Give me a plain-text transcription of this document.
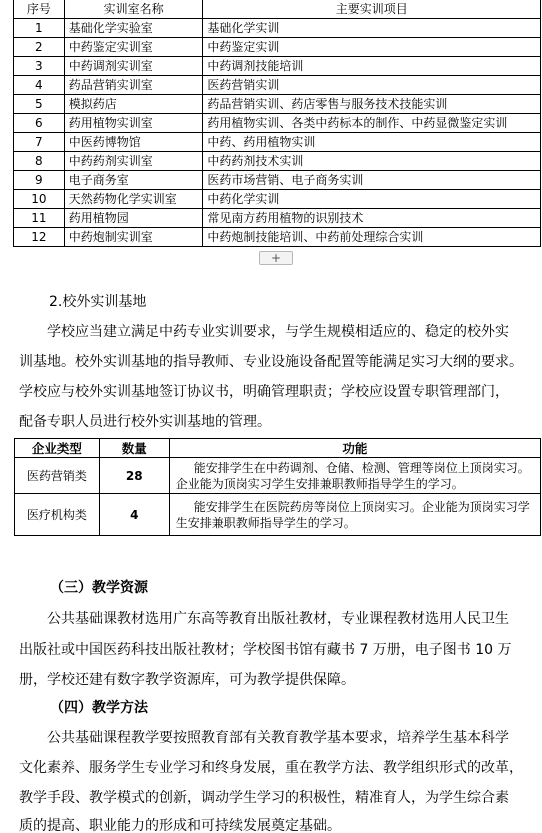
序号	实训室名称	主要实训项目
1	基础化学实验室	基础化学实训
2	中药鉴定实训室	中药鉴定实训
3	中药调剂实训室	中药调剂技能培训
4	药品营销实训室	医药营销实训
5	模拟药店	药品营销实训、药店零售与服务技术技能实训
6	药用植物实训室	药用植物实训、各类中药标本的制作、中药显微鉴定实训
7	中医药博物馆	中药、药用植物实训
8	中药药剂实训室	中药药剂技术实训
9	电子商务室	医药市场营销、电子商务实训
10	天然药物化学实训室	中药化学实训
11	药用植物园	常见南方药用植物的识别技术
12	中药炮制实训室	中药炮制技能培训、中药前处理综合实训
+
2.校外实训基地
学校应当建立满足中药专业实训要求，与学生规模相适应的、稳定的校外实
训基地。校外实训基地的指导教师、专业设施设备配置等能满足实习大纲的要求。
学校应与校外实训基地签订协议书，明确管理职责；学校应设置专职管理部门，
配备专职人员进行校外实训基地的管理。
企业类型	数量	功能
医药营销类	28	能安排学生在中药调剂、仓储、检测、管理等岗位上顶岗实习。
企业能为顶岗实习学生安排兼职教师指导学生的学习。

医疗机构类	4	能安排学生在医院药房等岗位上顶岗实习。企业能为顶岗实习学
生安排兼职教师指导学生的学习。
（三）教学资源
公共基础课教材选用广东高等教育出版社教材，专业课程教材选用人民卫生
出版社或中国医药科技出版社教材；学校图书馆有藏书 7 万册，电子图书 10 万
册，学校还建有数字教学资源库，可为教学提供保障。
（四）教学方法
公共基础课程教学要按照教育部有关教育教学基本要求，培养学生基本科学
文化素养、服务学生专业学习和终身发展，重在教学方法、教学组织形式的改革，
教学手段、教学模式的创新，调动学生学习的积极性，精准育人，为学生综合素
质的提高、职业能力的形成和可持续发展奠定基础。
